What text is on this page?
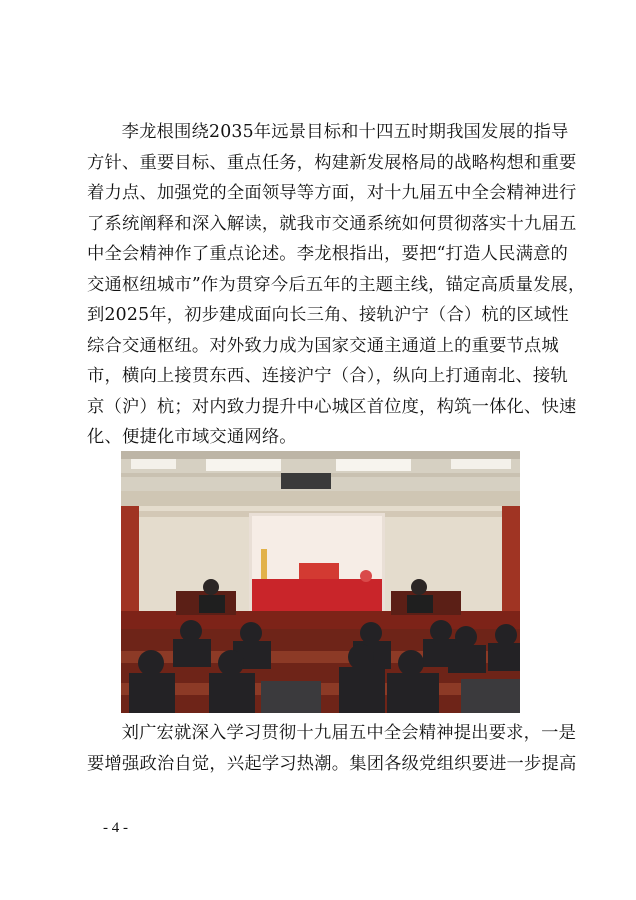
李龙根围绕2035年远景目标和十四五时期我国发展的指导
方针、重要目标、重点任务，构建新发展格局的战略构想和重要
着力点、加强党的全面领导等方面，对十九届五中全会精神进行
了系统阐释和深入解读，就我市交通系统如何贯彻落实十九届五
中全会精神作了重点论述。李龙根指出，要把“打造人民满意的
交通枢纽城市”作为贯穿今后五年的主题主线，锚定高质量发展，
到2025年，初步建成面向长三角、接轨沪宁（合）杭的区域性
综合交通枢纽。对外致力成为国家交通主通道上的重要节点城
市，横向上接贯东西、连接沪宁（合），纵向上打通南北、接轨
京（沪）杭；对内致力提升中心城区首位度，构筑一体化、快速
化、便捷化市域交通网络。

刘广宏就深入学习贯彻十九届五中全会精神提出要求，一是
要增强政治自觉，兴起学习热潮。集团各级党组织要进一步提高

- 4 -
